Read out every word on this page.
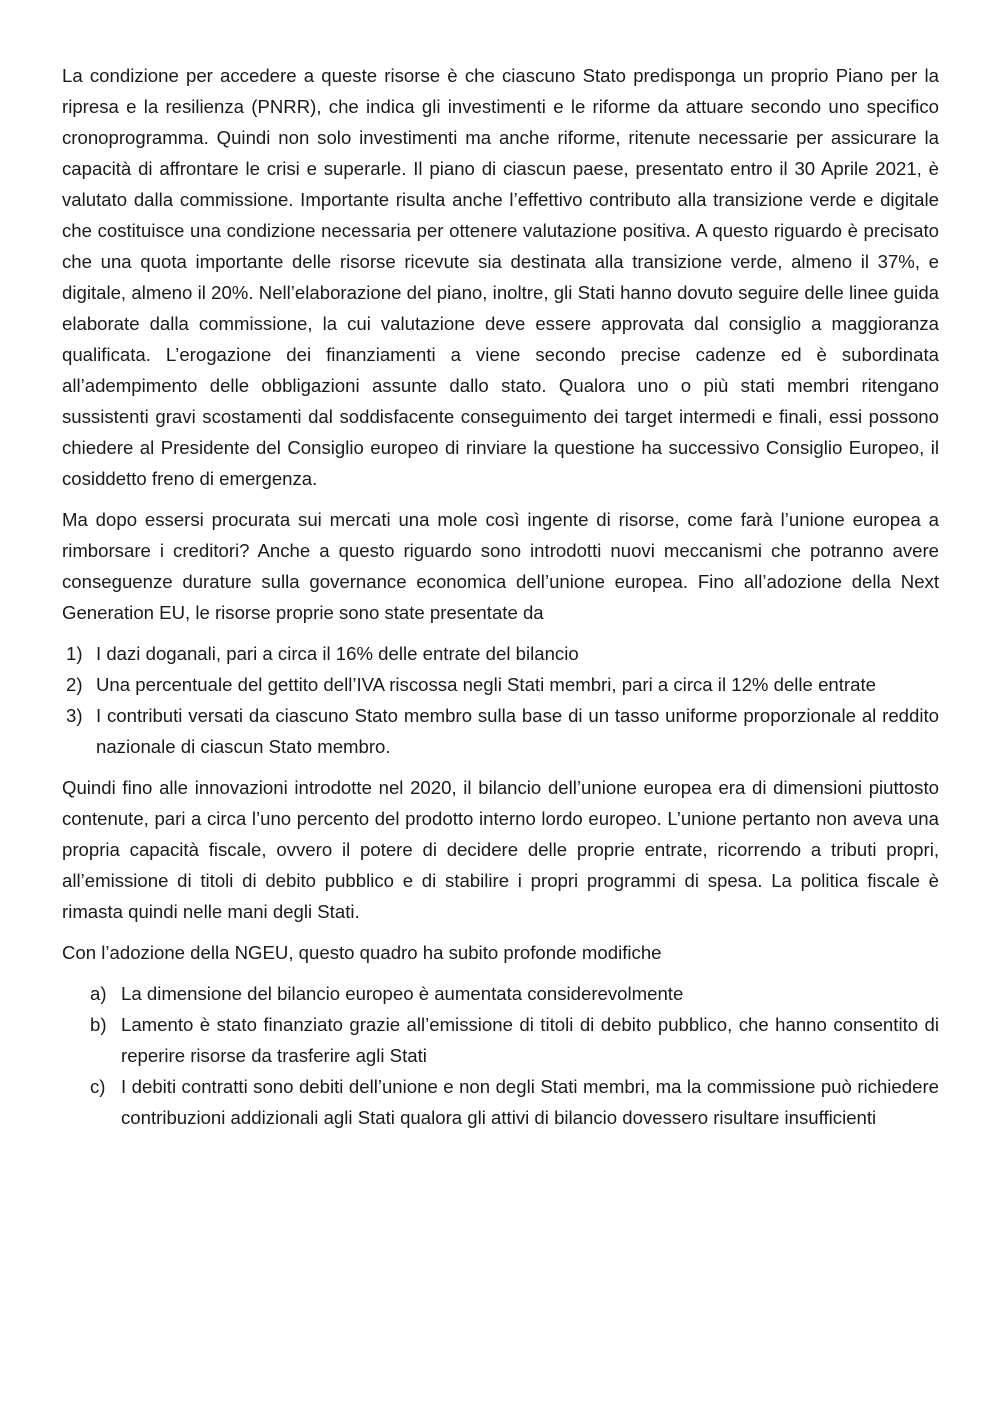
La condizione per accedere a queste risorse è che ciascuno Stato predisponga un proprio Piano per la ripresa e la resilienza (PNRR), che indica gli investimenti e le riforme da attuare secondo uno specifico cronoprogramma. Quindi non solo investimenti ma anche riforme, ritenute necessarie per assicurare la capacità di affrontare le crisi e superarle. Il piano di ciascun paese, presentato entro il 30 Aprile 2021, è valutato dalla commissione. Importante risulta anche l’effettivo contributo alla transizione verde e digitale che costituisce una condizione necessaria per ottenere valutazione positiva. A questo riguardo è precisato che una quota importante delle risorse ricevute sia destinata alla transizione verde, almeno il 37%, e digitale, almeno il 20%. Nell’elaborazione del piano, inoltre, gli Stati hanno dovuto seguire delle linee guida elaborate dalla commissione, la cui valutazione deve essere approvata dal consiglio a maggioranza qualificata. L’erogazione dei finanziamenti a viene secondo precise cadenze ed è subordinata all’adempimento delle obbligazioni assunte dallo stato. Qualora uno o più stati membri ritengano sussistenti gravi scostamenti dal soddisfacente conseguimento dei target intermedi e finali, essi possono chiedere al Presidente del Consiglio europeo di rinviare la questione ha successivo Consiglio Europeo, il cosiddetto freno di emergenza.

Ma dopo essersi procurata sui mercati una mole così ingente di risorse, come farà l’unione europea a rimborsare i creditori? Anche a questo riguardo sono introdotti nuovi meccanismi che potranno avere conseguenze durature sulla governance economica dell’unione europea. Fino all’adozione della Next Generation EU, le risorse proprie sono state presentate da

1) I dazi doganali, pari a circa il 16% delle entrate del bilancio
2) Una percentuale del gettito dell’IVA riscossa negli Stati membri, pari a circa il 12% delle entrate
3) I contributi versati da ciascuno Stato membro sulla base di un tasso uniforme proporzionale al reddito nazionale di ciascun Stato membro.

Quindi fino alle innovazioni introdotte nel 2020, il bilancio dell’unione europea era di dimensioni piuttosto contenute, pari a circa l’uno percento del prodotto interno lordo europeo. L’unione pertanto non aveva una propria capacità fiscale, ovvero il potere di decidere delle proprie entrate, ricorrendo a tributi propri, all’emissione di titoli di debito pubblico e di stabilire i propri programmi di spesa. La politica fiscale è rimasta quindi nelle mani degli Stati.

Con l’adozione della NGEU, questo quadro ha subito profonde modifiche

a) La dimensione del bilancio europeo è aumentata considerevolmente
b) Lamento è stato finanziato grazie all’emissione di titoli di debito pubblico, che hanno consentito di reperire risorse da trasferire agli Stati
c) I debiti contratti sono debiti dell’unione e non degli Stati membri, ma la commissione può richiedere contribuzioni addizionali agli Stati qualora gli attivi di bilancio dovessero risultare insufficienti
